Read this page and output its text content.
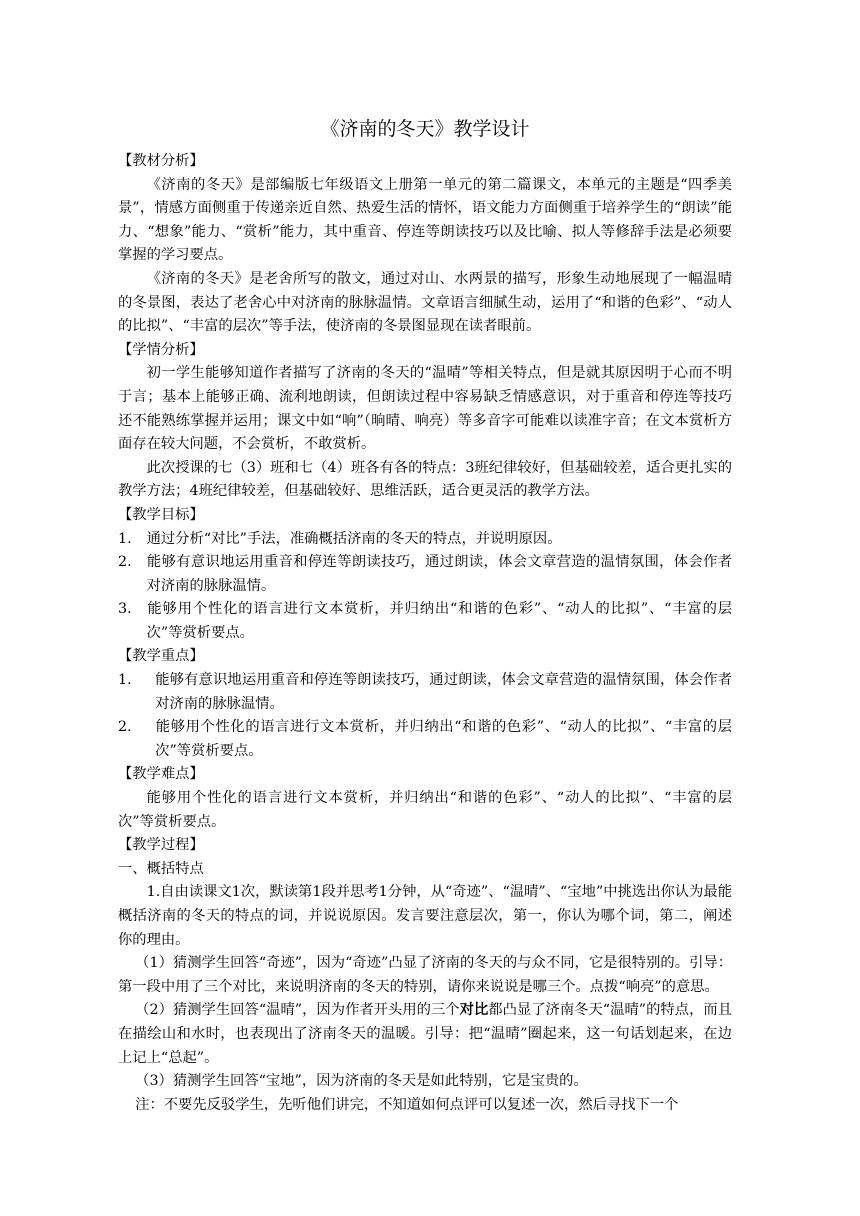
《济南的冬天》教学设计

【教材分析】

《济南的冬天》是部编版七年级语文上册第一单元的第二篇课文，本单元的主题是“四季美景”，情感方面侧重于传递亲近自然、热爱生活的情怀，语文能力方面侧重于培养学生的“朗读”能力、“想象”能力、“赏析”能力，其中重音、停连等朗读技巧以及比喻、拟人等修辞手法是必须要掌握的学习要点。

《济南的冬天》是老舍所写的散文，通过对山、水两景的描写，形象生动地展现了一幅温晴的冬景图，表达了老舍心中对济南的脉脉温情。文章语言细腻生动，运用了“和谐的色彩”、“动人的比拟”、“丰富的层次”等手法，使济南的冬景图显现在读者眼前。

【学情分析】

初一学生能够知道作者描写了济南的冬天的“温晴”等相关特点，但是就其原因明于心而不明于言；基本上能够正确、流利地朗读，但朗读过程中容易缺乏情感意识，对于重音和停连等技巧还不能熟练掌握并运用；课文中如“响”（晌晴、响亮）等多音字可能难以读准字音；在文本赏析方面存在较大问题，不会赏析，不敢赏析。

此次授课的七（3）班和七（4）班各有各的特点：3班纪律较好，但基础较差，适合更扎实的教学方法；4班纪律较差，但基础较好、思维活跃，适合更灵活的教学方法。

【教学目标】

1. 通过分析“对比”手法，准确概括济南的冬天的特点，并说明原因。

2. 能够有意识地运用重音和停连等朗读技巧，通过朗读，体会文章营造的温情氛围，体会作者对济南的脉脉温情。

3. 能够用个性化的语言进行文本赏析，并归纳出“和谐的色彩”、“动人的比拟”、“丰富的层次”等赏析要点。

【教学重点】

1. 能够有意识地运用重音和停连等朗读技巧，通过朗读，体会文章营造的温情氛围，体会作者对济南的脉脉温情。

2. 能够用个性化的语言进行文本赏析，并归纳出“和谐的色彩”、“动人的比拟”、“丰富的层次”等赏析要点。

【教学难点】

能够用个性化的语言进行文本赏析，并归纳出“和谐的色彩”、“动人的比拟”、“丰富的层次”等赏析要点。

【教学过程】

一、概括特点

1.自由读课文1次，默读第1段并思考1分钟，从“奇迹”、“温晴”、“宝地”中挑选出你认为最能概括济南的冬天的特点的词，并说说原因。发言要注意层次，第一，你认为哪个词，第二，阐述你的理由。

（1）猜测学生回答“奇迹”，因为“奇迹”凸显了济南的冬天的与众不同，它是很特别的。引导：第一段中用了三个对比，来说明济南的冬天的特别，请你来说说是哪三个。点拨“响亮”的意思。

（2）猜测学生回答“温晴”，因为作者开头用的三个对比都凸显了济南冬天“温晴”的特点，而且在描绘山和水时，也表现出了济南冬天的温暖。引导：把“温晴”圈起来，这一句话划起来，在边上记上“总起”。

（3）猜测学生回答“宝地”，因为济南的冬天是如此特别，它是宝贵的。

注：不要先反驳学生，先听他们讲完，不知道如何点评可以复述一次，然后寻找下一个
